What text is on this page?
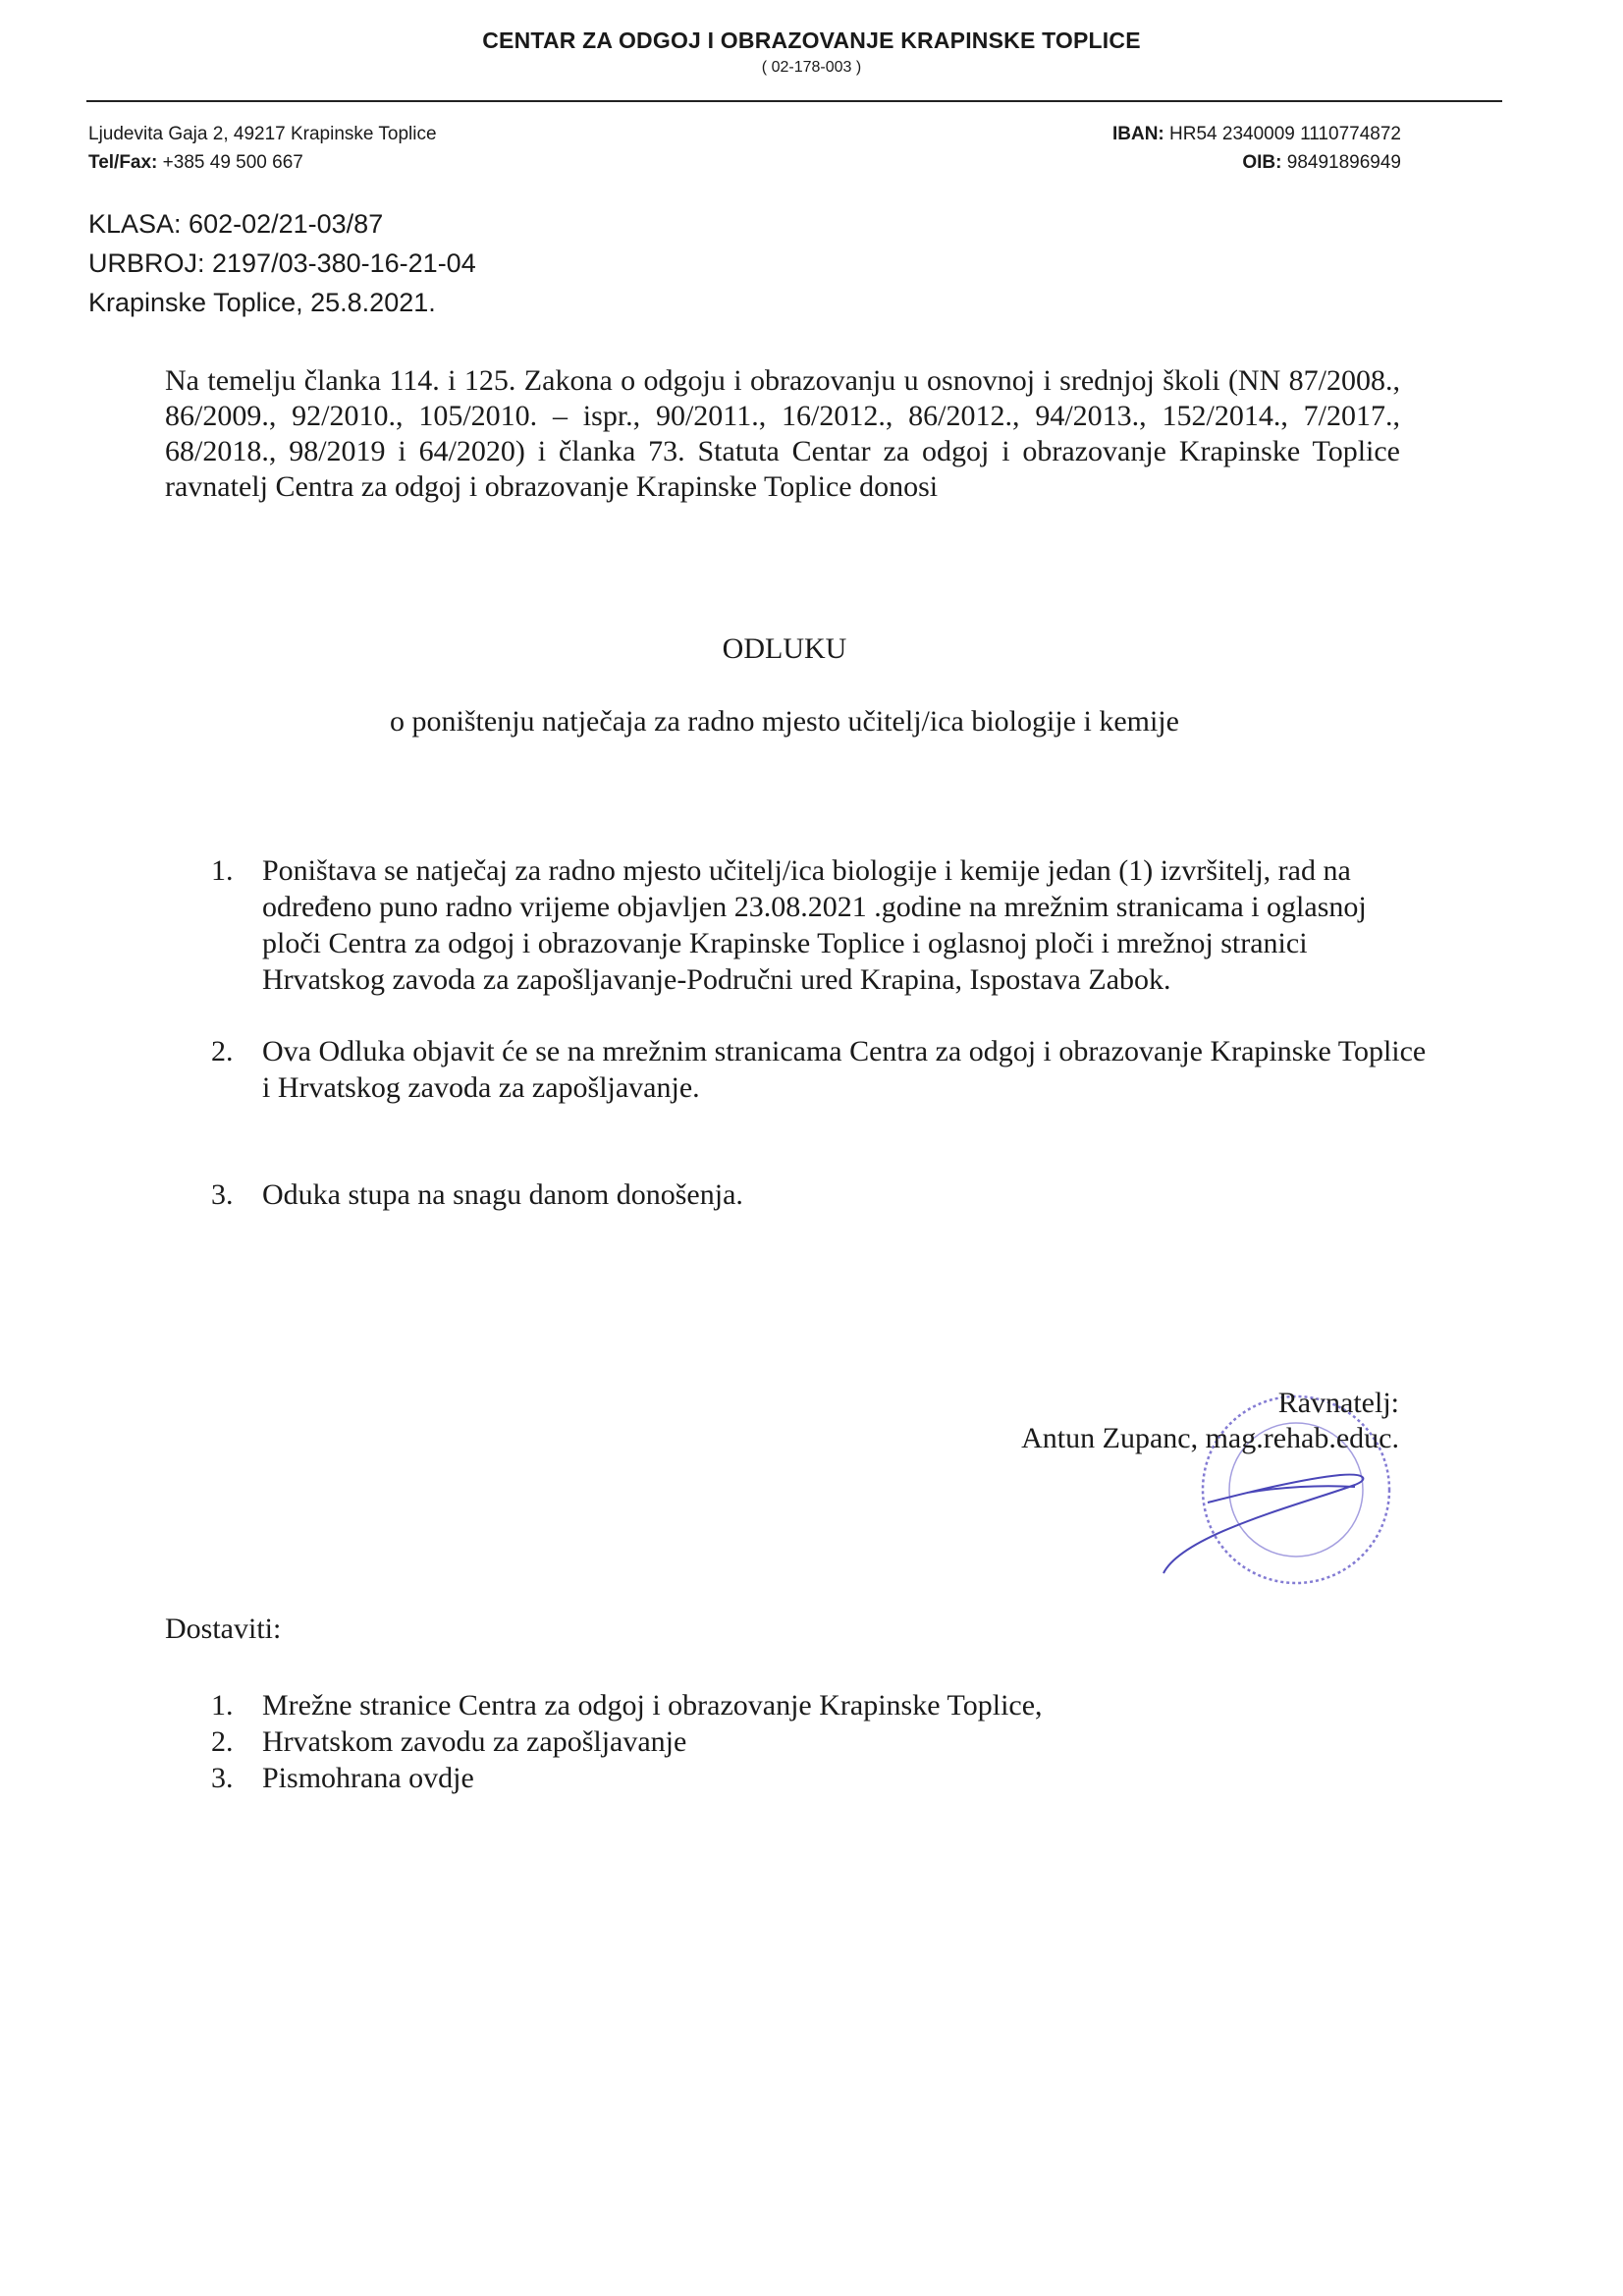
CENTAR ZA ODGOJ I OBRAZOVANJE KRAPINSKE TOPLICE
( 02-178-003 )
Ljudevita Gaja 2, 49217 Krapinske Toplice
Tel/Fax: +385 49 500 667
IBAN: HR54 2340009 1110774872
OIB: 98491896949
KLASA: 602-02/21-03/87
URBROJ: 2197/03-380-16-21-04
Krapinske Toplice, 25.8.2021.
Na temelju članka 114. i 125. Zakona o odgoju i obrazovanju u osnovnoj i srednjoj školi (NN 87/2008., 86/2009., 92/2010., 105/2010. – ispr., 90/2011., 16/2012., 86/2012., 94/2013., 152/2014., 7/2017., 68/2018., 98/2019 i 64/2020) i članka 73. Statuta Centar za odgoj i obrazovanje Krapinske Toplice ravnatelj Centra za odgoj i obrazovanje Krapinske Toplice donosi
ODLUKU
o poništenju natječaja za radno mjesto učitelj/ica biologije i kemije
1. Poništava se natječaj za radno mjesto učitelj/ica biologije i kemije jedan (1) izvršitelj, rad na određeno puno radno vrijeme objavljen 23.08.2021 .godine na mrežnim stranicama i oglasnoj ploči Centra za odgoj i obrazovanje Krapinske Toplice i oglasnoj ploči i mrežnoj stranici Hrvatskog zavoda za zapošljavanje-Područni ured Krapina, Ispostava Zabok.
2. Ova Odluka objavit će se na mrežnim stranicama Centra za odgoj i obrazovanje Krapinske Toplice i Hrvatskog zavoda za zapošljavanje.
3. Oduka stupa na snagu danom donošenja.
Ravnatelj:
Antun Zupanc, mag.rehab.educ.
Dostaviti:
1. Mrežne stranice Centra za odgoj i obrazovanje Krapinske Toplice,
2. Hrvatskom zavodu za zapošljavanje
3. Pismohrana ovdje
